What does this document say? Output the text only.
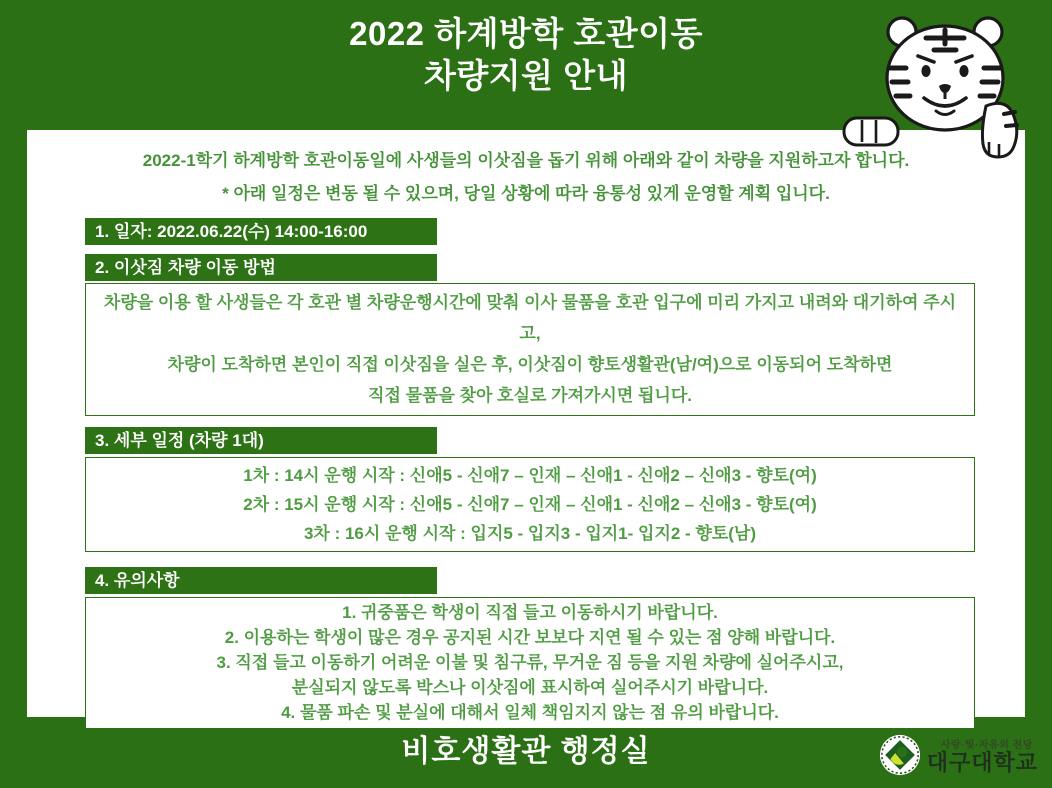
2022 하계방학 호관이동
차량지원 안내
2022-1학기 하계방학 호관이동일에 사생들의 이삿짐을 돕기 위해 아래와 같이 차량을 지원하고자 합니다.
* 아래 일정은 변동 될 수 있으며, 당일 상황에 따라 융통성 있게 운영할 계획 입니다.
1. 일자: 2022.06.22(수) 14:00-16:00
2. 이삿짐 차량 이동 방법
차량을 이용 할 사생들은 각 호관 별 차량운행시간에 맞춰 이사 물품을 호관 입구에 미리 가지고 내려와 대기하여 주시고,
차량이 도착하면 본인이 직접 이삿짐을 실은 후, 이삿짐이 향토생활관(남/여)으로 이동되어 도착하면
직접 물품을 찾아 호실로 가져가시면 됩니다.
3. 세부 일정 (차량 1대)
1차 : 14시 운행 시작 : 신애5 - 신애7 – 인재 – 신애1 - 신애2 – 신애3 - 향토(여)
2차 : 15시 운행 시작 : 신애5 - 신애7 – 인재 – 신애1 - 신애2 – 신애3 - 향토(여)
3차 : 16시 운행 시작 : 입지5 - 입지3 - 입지1- 입지2 - 향토(남)
4. 유의사항
1. 귀중품은 학생이 직접 들고 이동하시기 바랍니다.
2. 이용하는 학생이 많은 경우 공지된 시간 보보다 지연 될 수 있는 점 양해 바랍니다.
3. 직접 들고 이동하기 어려운 이불 및 침구류, 무거운 짐 등을 지원 차량에 실어주시고,
분실되지 않도록 박스나 이삿짐에 표시하여 실어주시기 바랍니다.
4. 물품 파손 및 분실에 대해서 일체 책임지지 않는 점 유의 바랍니다.
비호생활관 행정실	사랑·빛·자유의 전당
대구대학교
